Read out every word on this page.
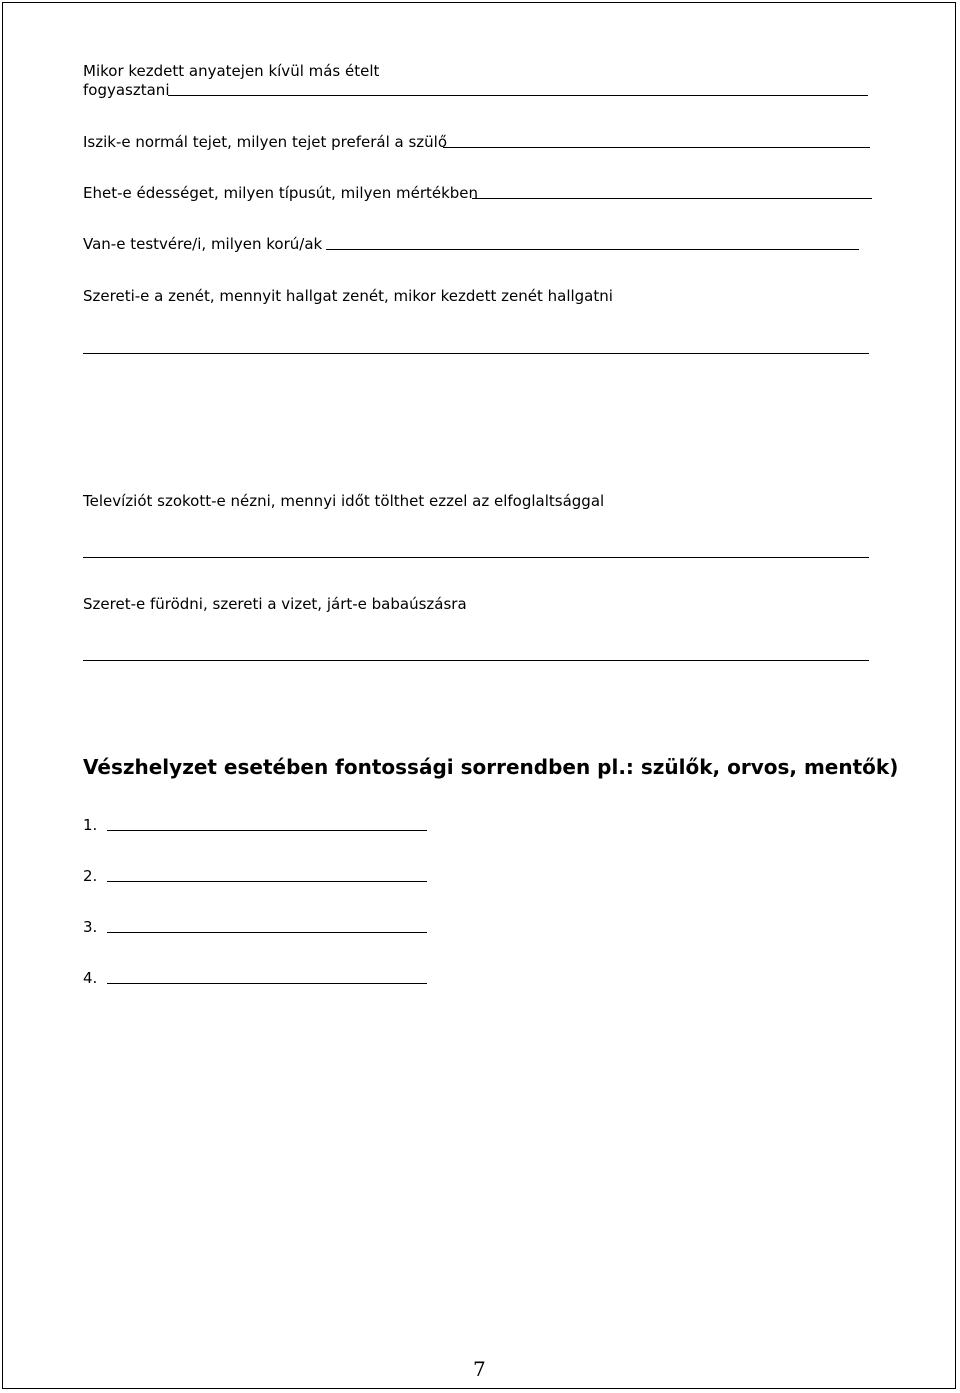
Mikor kezdett anyatejen kívül más ételt
fogyasztani
Iszik-e normál tejet, milyen tejet preferál a szülő
Ehet-e édességet, milyen típusút, milyen mértékben
Van-e testvére/i, milyen korú/ak
Szereti-e a zenét, mennyit hallgat zenét, mikor kezdett zenét hallgatni
Televíziót szokott-e nézni, mennyi időt tölthet ezzel az elfoglaltsággal
Szeret-e fürödni, szereti a vizet, járt-e babaúszásra
Vészhelyzet esetében fontossági sorrendben pl.: szülők, orvos, mentők)
1.
2.
3.
4.
7
